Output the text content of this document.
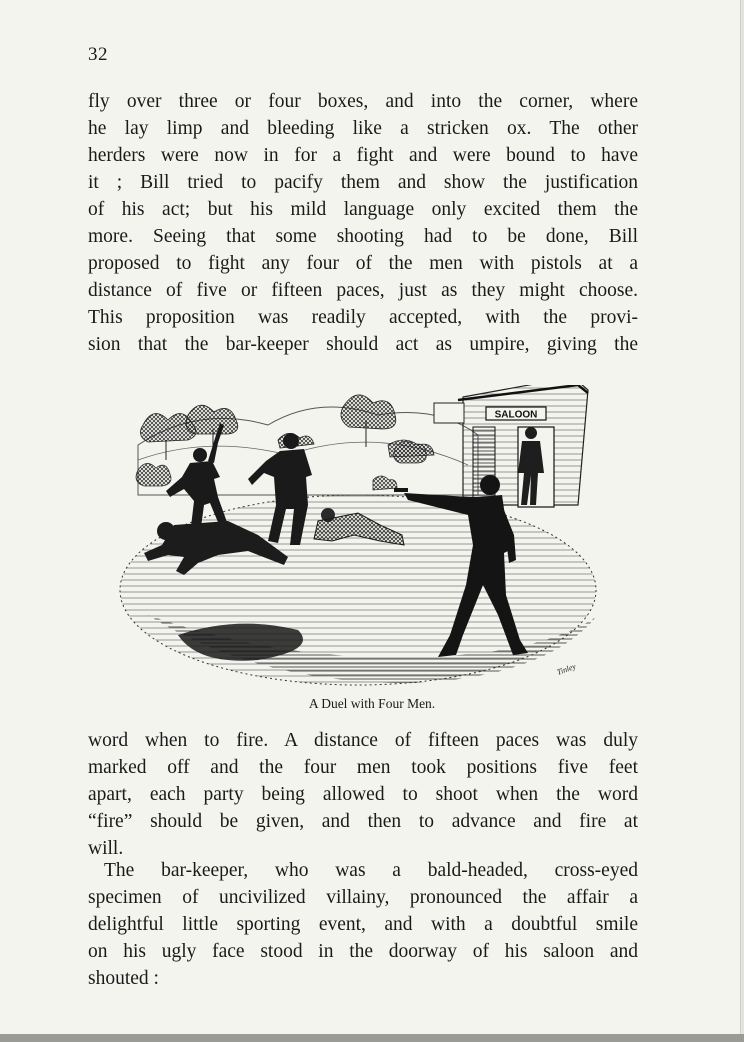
32
fly over three or four boxes, and into the corner, where
he lay limp and bleeding like a stricken ox. The other
herders were now in for a fight and were bound to have
it ; Bill tried to pacify them and show the justification
of his act; but his mild language only excited them the
more. Seeing that some shooting had to be done, Bill
proposed to fight any four of the men with pistols at a
distance of five or fifteen paces, just as they might choose.
This proposition was readily accepted, with the provi-
sion that the bar-keeper should act as umpire, giving the
SALOON
Tinley
A Duel with Four Men.
word when to fire. A distance of fifteen paces was duly
marked off and the four men took positions five feet
apart, each party being allowed to shoot when the word
“fire” should be given, and then to advance and fire at
will.
The bar-keeper, who was a bald-headed, cross-eyed
specimen of uncivilized villainy, pronounced the affair a
delightful little sporting event, and with a doubtful smile
on his ugly face stood in the doorway of his saloon and
shouted :
